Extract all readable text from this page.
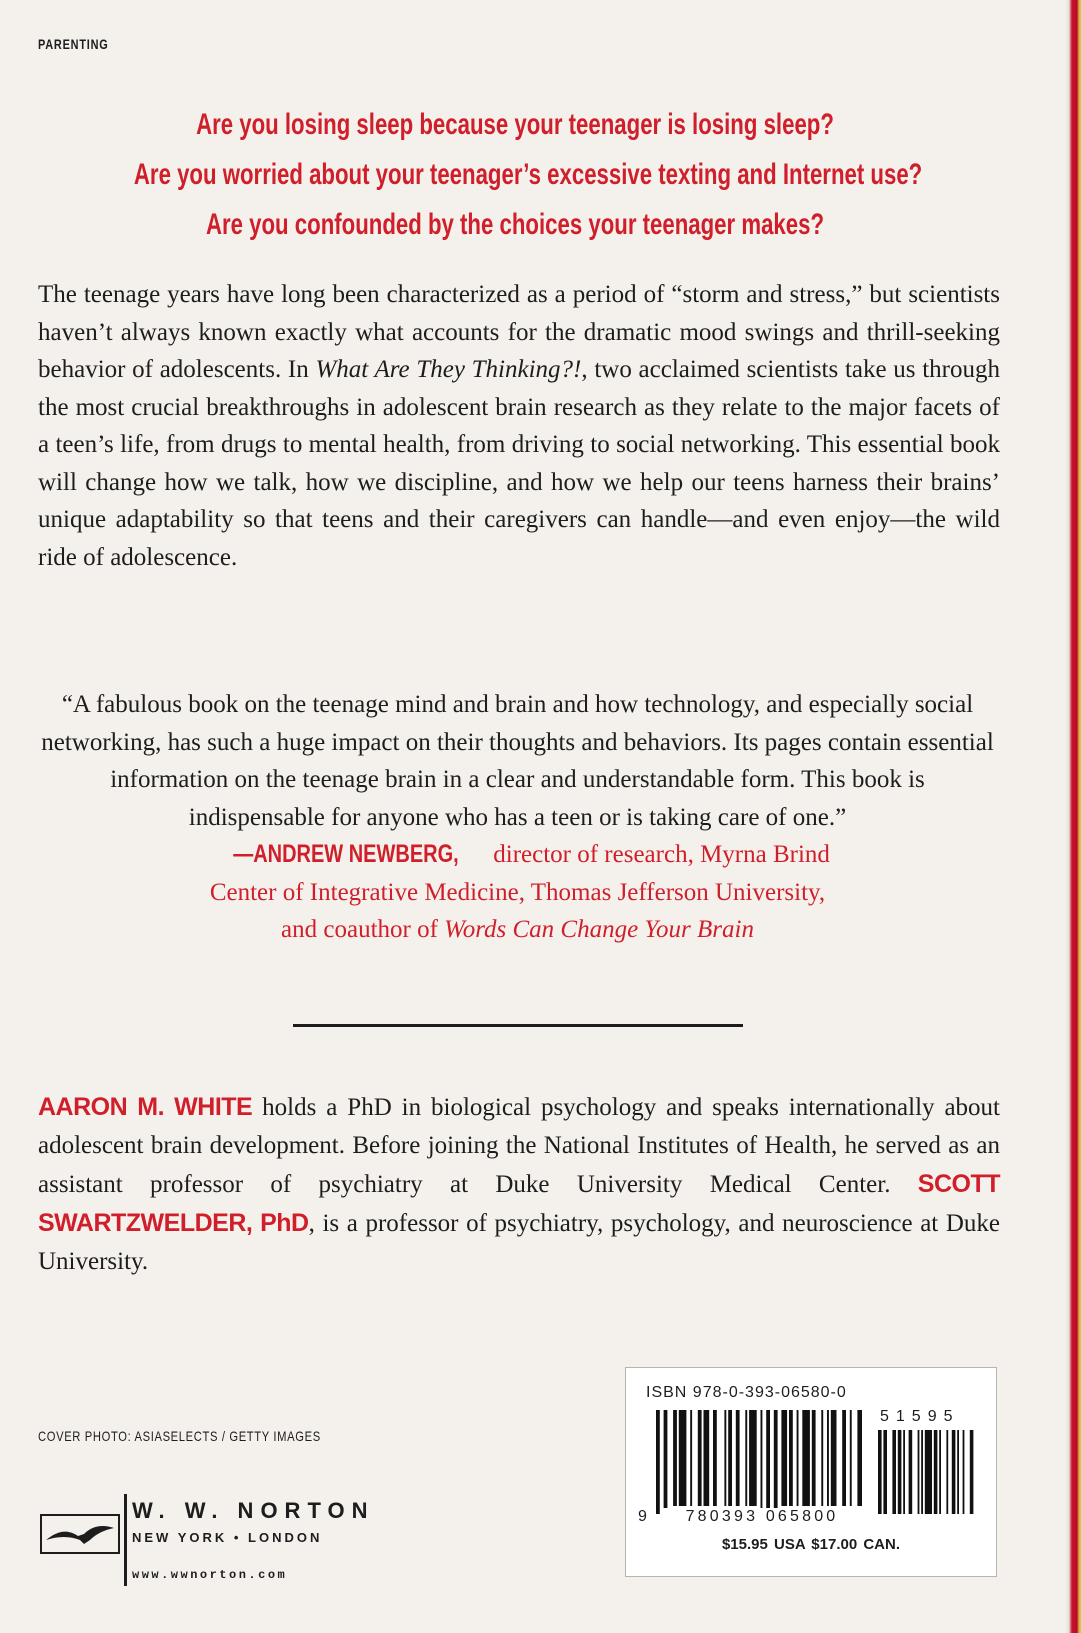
PARENTING
Are you losing sleep because your teenager is losing sleep?
Are you worried about your teenager’s excessive texting and Internet use?
Are you confounded by the choices your teenager makes?

The teenage years have long been characterized as a period of “storm and stress,” but scientists haven’t always known exactly what accounts for the dramatic mood swings and thrill-seeking behavior of adolescents. In What Are They Thinking?!, two acclaimed scientists take us through the most crucial breakthroughs in adolescent brain research as they relate to the major facets of a teen’s life, from drugs to mental health, from driving to social networking. This essential book will change how we talk, how we discipline, and how we help our teens harness their brains’ unique adaptability so that teens and their caregivers can handle—and even enjoy—the wild ride of adolescence.

“A fabulous book on the teenage mind and brain and how technology, and especially social networking, has such a huge impact on their thoughts and behaviors. Its pages contain essential information on the teenage brain in a clear and understandable form. This book is indispensable for anyone who has a teen or is taking care of one.”
—ANDREW NEWBERG, director of research, Myrna Brind
Center of Integrative Medicine, Thomas Jefferson University,
and coauthor of Words Can Change Your Brain

AARON M. WHITE holds a PhD in biological psychology and speaks internationally about adolescent brain development. Before joining the National Institutes of Health, he served as an assistant professor of psychiatry at Duke University Medical Center. SCOTT SWARTZWELDER, PhD, is a professor of psychiatry, psychology, and neuroscience at Duke University.

COVER PHOTO: ASIASELECTS / GETTY IMAGES
W. W. NORTON
NEW YORK • LONDON
www.wwnorton.com
ISBN 978-0-393-06580-0
51595
9	780393 065800
$15.95 USA $17.00 CAN.
